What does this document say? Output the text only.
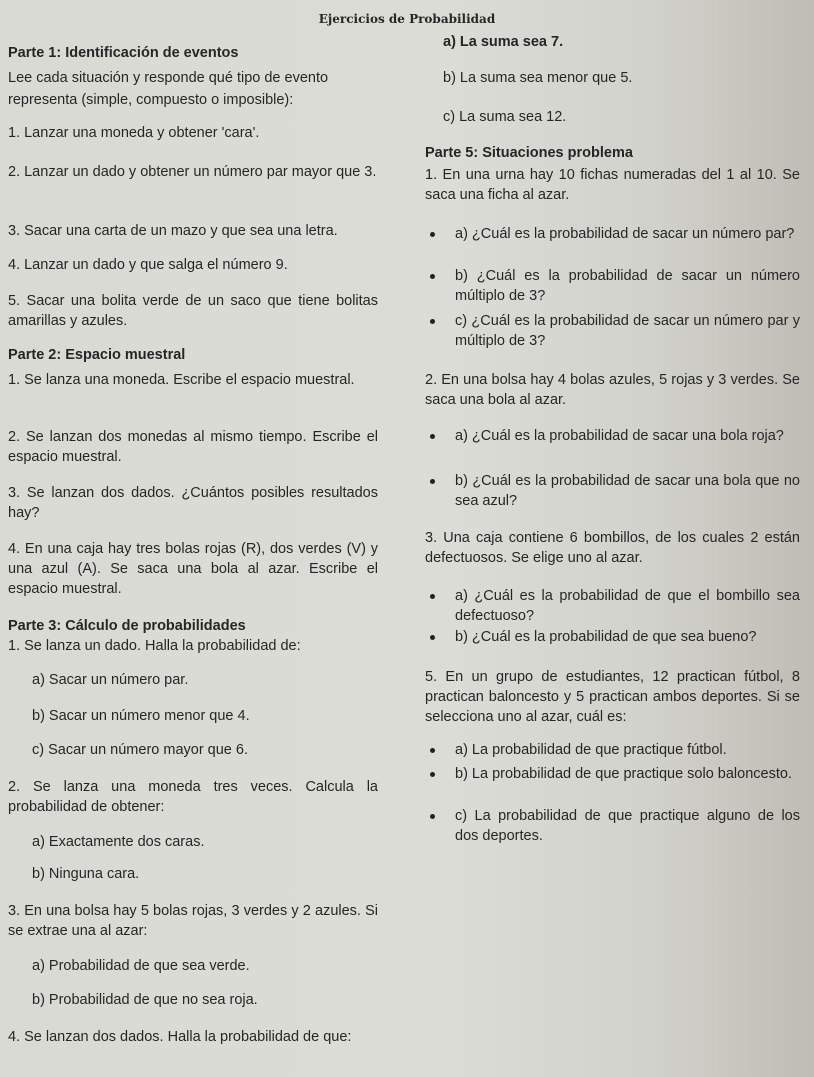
Ejercicios de Probabilidad
Parte 1: Identificación de eventos
Lee cada situación y responde qué tipo de evento representa (simple, compuesto o imposible):
1. Lanzar una moneda y obtener 'cara'.
2. Lanzar un dado y obtener un número par mayor que 3.
3. Sacar una carta de un mazo y que sea una letra.
4. Lanzar un dado y que salga el número 9.
5. Sacar una bolita verde de un saco que tiene bolitas amarillas y azules.
Parte 2: Espacio muestral
1. Se lanza una moneda. Escribe el espacio muestral.
2. Se lanzan dos monedas al mismo tiempo. Escribe el espacio muestral.
3. Se lanzan dos dados. ¿Cuántos posibles resultados hay?
4. En una caja hay tres bolas rojas (R), dos verdes (V) y una azul (A). Se saca una bola al azar. Escribe el espacio muestral.
Parte 3: Cálculo de probabilidades
1. Se lanza un dado. Halla la probabilidad de:
a) Sacar un número par.
b) Sacar un número menor que 4.
c) Sacar un número mayor que 6.
2. Se lanza una moneda tres veces. Calcula la probabilidad de obtener:
a) Exactamente dos caras.
b) Ninguna cara.
3. En una bolsa hay 5 bolas rojas, 3 verdes y 2 azules. Si se extrae una al azar:
a) Probabilidad de que sea verde.
b) Probabilidad de que no sea roja.
4. Se lanzan dos dados. Halla la probabilidad de que:
a) La suma sea 7.
b) La suma sea menor que 5.
c) La suma sea 12.
Parte 5: Situaciones problema
1. En una urna hay 10 fichas numeradas del 1 al 10. Se saca una ficha al azar.
a) ¿Cuál es la probabilidad de sacar un número par?
b) ¿Cuál es la probabilidad de sacar un número múltiplo de 3?
c) ¿Cuál es la probabilidad de sacar un número par y múltiplo de 3?
2. En una bolsa hay 4 bolas azules, 5 rojas y 3 verdes. Se saca una bola al azar.
a) ¿Cuál es la probabilidad de sacar una bola roja?
b) ¿Cuál es la probabilidad de sacar una bola que no sea azul?
3. Una caja contiene 6 bombillos, de los cuales 2 están defectuosos. Se elige uno al azar.
a) ¿Cuál es la probabilidad de que el bombillo sea defectuoso?
b) ¿Cuál es la probabilidad de que sea bueno?
5. En un grupo de estudiantes, 12 practican fútbol, 8 practican baloncesto y 5 practican ambos deportes. Si se selecciona uno al azar, cuál es:
a) La probabilidad de que practique fútbol.
b) La probabilidad de que practique solo baloncesto.
c) La probabilidad de que practique alguno de los dos deportes.
